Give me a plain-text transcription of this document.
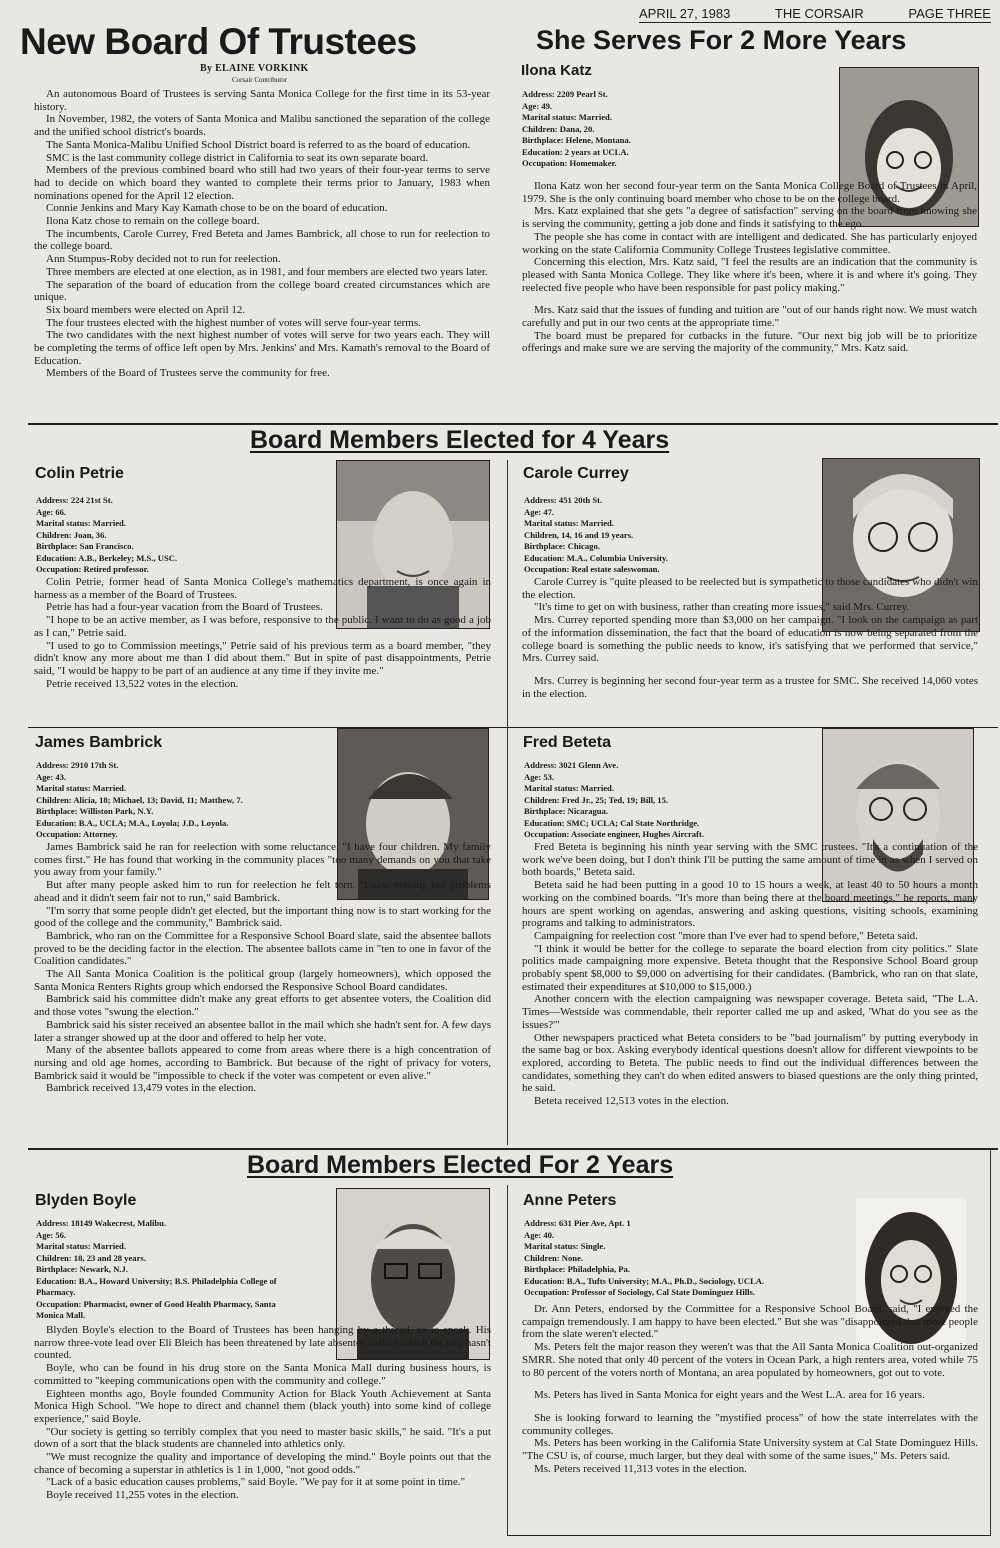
APRIL 27, 1983	THE CORSAIR	PAGE THREE
New Board Of Trustees
By ELAINE VORKINK
Corsair Contributor

An autonomous Board of Trustees is serving Santa Monica College for the first time in its 53-year history.

In November, 1982, the voters of Santa Monica and Malibu sanctioned the separation of the college and the unified school district's boards.

The Santa Monica-Malibu Unified School District board is referred to as the board of education.

SMC is the last community college district in California to seat its own separate board.

Members of the previous combined board who still had two years of their four-year terms to serve had to decide on which board they wanted to complete their terms prior to January, 1983 when nominations opened for the April 12 election.

Connie Jenkins and Mary Kay Kamath chose to be on the board of education.

Ilona Katz chose to remain on the college board.

The incumbents, Carole Currey, Fred Beteta and James Bambrick, all chose to run for reelection to the college board.

Ann Stumpus-Roby decided not to run for reelection.

Three members are elected at one election, as in 1981, and four members are elected two years later.

The separation of the board of education from the college board created circumstances which are unique.

Six board members were elected on April 12.

The four trustees elected with the highest number of votes will serve four-year terms.

The two candidates with the next highest number of votes will serve for two years each. They will be completing the terms of office left open by Mrs. Jenkins' and Mrs. Kamath's removal to the Board of Education.

Members of the Board of Trustees serve the community for free.

She Serves For 2 More Years
Ilona Katz
Address: 2209 Pearl St.
Age: 49.
Marital status: Married.
Children: Dana, 20.
Birthplace: Helene, Montana.
Education: 2 years at UCLA.
Occupation: Homemaker.

Ilona Katz won her second four-year term on the Santa Monica College Board of Trustees in April, 1979. She is the only continuing board member who chose to be on the college board.

Mrs. Katz explained that she gets "a degree of satisfaction" serving on the board from knowing she is serving the community, getting a job done and finds it satisfying to the ego.

The people she has come in contact with are intelligent and dedicated. She has particularly enjoyed working on the state California Community College Trustees legislative committee.

Concerning this election, Mrs. Katz said, "I feel the results are an indication that the community is pleased with Santa Monica College. They like where it's been, where it is and where it's going. They reelected five people who have been responsible for past policy making."

Mrs. Katz said that the issues of funding and tuition are "out of our hands right now. We must watch carefully and put in our two cents at the appropriate time."

The board must be prepared for cutbacks in the future. "Our next big job will be to prioritize offerings and make sure we are serving the majority of the community," Mrs. Katz said.

Board Members Elected for 4 Years
Colin Petrie
Address: 224 21st St.
Age: 66.
Marital status: Married.
Children: Joan, 36.
Birthplace: San Francisco.
Education: A.B., Berkeley; M.S., USC.
Occupation: Retired professor.

Colin Petrie, former head of Santa Monica College's mathematics department, is once again in harness as a member of the Board of Trustees.

Petrie has had a four-year vacation from the Board of Trustees.

"I hope to be an active member, as I was before, responsive to the public. I want to do as good a job as I can," Petrie said.

"I used to go to Commission meetings," Petrie said of his previous term as a board member, "they didn't know any more about me than I did about them." But in spite of past disappointments, Petrie said, "I would be happy to be part of an audience at any time if they invite me."

Petrie received 13,522 votes in the election.

Carole Currey
Address: 451 20th St.
Age: 47.
Marital status: Married.
Children, 14, 16 and 19 years.
Birthplace: Chicago.
Education: M.A., Columbia University.
Occupation: Real estate saleswoman.

Carole Currey is "quite pleased to be reelected but is sympathetic to those candidates who didn't win the election.

"It's time to get on with business, rather than creating more issues," said Mrs. Currey.

Mrs. Currey reported spending more than $3,000 on her campaign. "I look on the campaign as part of the information dissemination, the fact that the board of education is now being separated from the college board is something the public needs to know, it's satisfying that we performed that service," Mrs. Currey said.

Mrs. Currey is beginning her second four-year term as a trustee for SMC. She received 14,060 votes in the election.

James Bambrick
Address: 2910 17th St.
Age: 43.
Marital status: Married.
Children: Alicia, 18; Michael, 13; David, 11; Matthew, 7.
Birthplace: Williston Park, N.Y.
Education: B.A., UCLA; M.A., Loyola; J.D., Loyola.
Occupation: Attorney.

James Bambrick said he ran for reelection with some reluctance. "I have four children. My family comes first." He has found that working in the community places "too many demands on you that take you away from your family."

But after many people asked him to run for reelection he felt torn. "I saw nothing but problems ahead and it didn't seem fair not to run," said Bambrick.

"I'm sorry that some people didn't get elected, but the important thing now is to start working for the good of the college and the community," Bambrick said.

Bambrick, who ran on the Committee for a Responsive School Board slate, said the absentee ballots proved to be the deciding factor in the election. The absentee ballots came in "ten to one in favor of the Coalition candidates."

The All Santa Monica Coalition is the political group (largely homeowners), which opposed the Santa Monica Renters Rights group which endorsed the Responsive School Board candidates.

Bambrick said his committee didn't make any great efforts to get absentee voters, the Coalition did and those votes "swung the election."

Bambrick said his sister received an absentee ballot in the mail which she hadn't sent for. A few days later a stranger showed up at the door and offered to help her vote.

Many of the absentee ballots appeared to come from areas where there is a high concentration of nursing and old age homes, according to Bambrick. But because of the right of privacy for voters, Bambrick said it would be "impossible to check if the voter was competent or even alive."

Bambrick received 13,479 votes in the election.

Fred Beteta
Address: 3021 Glenn Ave.
Age: 53.
Marital status: Married.
Children: Fred Jr., 25; Ted, 19; Bill, 15.
Birthplace: Nicaragua.
Education: SMC; UCLA; Cal State Northridge.
Occupation: Associate engineer, Hughes Aircraft.

Fred Beteta is beginning his ninth year serving with the SMC trustees. "It's a continuation of the work we've been doing, but I don't think I'll be putting the same amount of time in as when I served on both boards," Beteta said.

Beteta said he had been putting in a good 10 to 15 hours a week, at least 40 to 50 hours a month working on the combined boards. "It's more than being there at the board meetings," he reports, many hours are spent working on agendas, answering and asking questions, visiting schools, examining programs and talking to administrators.

Campaigning for reelection cost "more than I've ever had to spend before," Beteta said.

"I think it would be better for the college to separate the board election from city politics." Slate politics made campaigning more expensive. Beteta thought that the Responsive School Board group probably spent $8,000 to $9,000 on advertising for their candidates. (Bambrick, who ran on that slate, estimated their expenditures at $10,000 to $15,000.)

Another concern with the election campaigning was newspaper coverage. Beteta said, "The L.A. Times—Westside was commendable, their reporter called me up and asked, 'What do you see as the issues?'"

Other newspapers practiced what Beteta considers to be "bad journalism" by putting everybody in the same bag or box. Asking everybody identical questions doesn't allow for different viewpoints to be explored, according to Beteta. The public needs to find out the individual differences between the candidates, something they can't do when edited answers to biased questions are the only thing printed, he said.

Beteta received 12,513 votes in the election.

Board Members Elected For 2 Years
Blyden Boyle
Address: 18149 Wakecrest, Malibu.
Age: 56.
Marital status: Married.
Children: 18, 23 and 28 years.
Birthplace: Newark, N.J.
Education: B.A., Howard University; B.S. Philadelphia College of
Pharmacy.
Occupation: Pharmacist, owner of Good Health Pharmacy, Santa
Monica Mall.

Blyden Boyle's election to the Board of Trustees has been hanging by a thread, so to speak. His narrow three-vote lead over Eli Bleich has been threatened by late absentee ballots which the city hasn't counted.

Boyle, who can be found in his drug store on the Santa Monica Mall during business hours, is committed to "keeping communications open with the community and college."

Eighteen months ago, Boyle founded Community Action for Black Youth Achievement at Santa Monica High School. "We hope to direct and channel them (black youth) into some kind of college experience," said Boyle.

"Our society is getting so terribly complex that you need to master basic skills," he said. "It's a put down of a sort that the black students are channeled into athletics only.

"We must recognize the quality and importance of developing the mind." Boyle points out that the chance of becoming a superstar in athletics is 1 in 1,000, "not good odds."

"Lack of a basic education causes problems," said Boyle. "We pay for it at some point in time."

Boyle received 11,255 votes in the election.

Anne Peters
Address: 631 Pier Ave, Apt. 1
Age: 40.
Marital status: Single.
Children: None.
Birthplace: Philadelphia, Pa.
Education: B.A., Tufts University; M.A., Ph.D., Sociology, UCLA.
Occupation: Professor of Sociology, Cal State Dominguez Hills.

Dr. Ann Peters, endorsed by the Committee for a Responsive School Board, said, "I enjoyed the campaign tremendously. I am happy to have been elected." But she was "disappointed that more people from the slate weren't elected."

Ms. Peters felt the major reason they weren't was that the All Santa Monica Coalition out-organized SMRR. She noted that only 40 percent of the voters in Ocean Park, a high renters area, voted while 75 to 80 percent of the voters north of Montana, an area populated by homeowners, got out to vote.

Ms. Peters has lived in Santa Monica for eight years and the West L.A. area for 16 years.

She is looking forward to learning the "mystified process" of how the state interrelates with the community colleges.

Ms. Peters has been working in the California State University system at Cal State Dominguez Hills. "The CSU is, of course, much larger, but they deal with some of the same isues," Ms. Peters said.

Ms. Peters received 11,313 votes in the election.
